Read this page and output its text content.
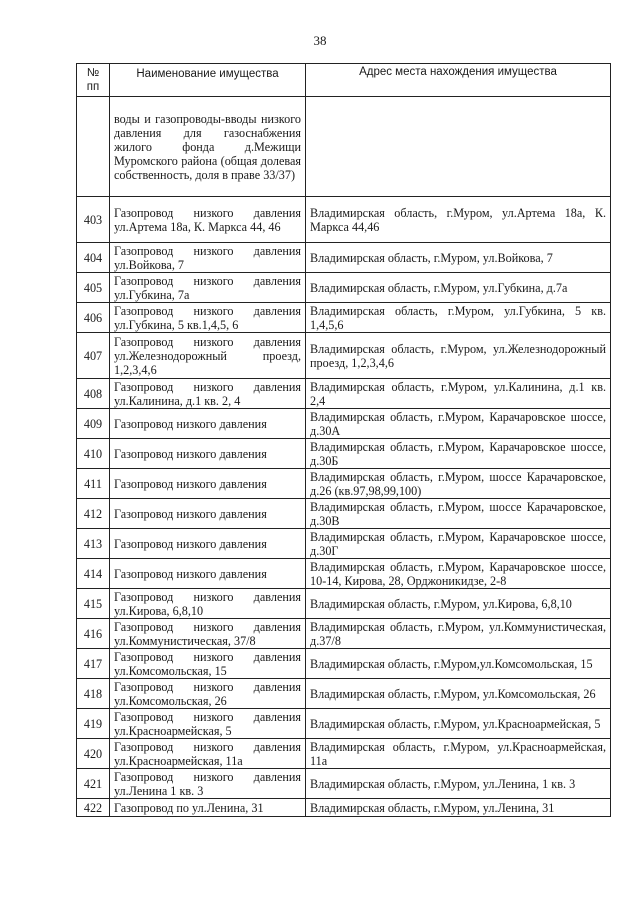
38
№ пп	Наименование имущества	Адрес места нахождения имущества
	воды и газопроводы-вводы низкого давления для газоснабжения жилого фонда д.Межищи Муромского района (общая долевая собственность, доля в праве 33/37)	
403	Газопровод низкого давления ул.Артема 18а, К. Маркса 44, 46	Владимирская область, г.Муром, ул.Артема 18а, К. Маркса 44,46
404	Газопровод низкого давления ул.Войкова, 7	Владимирская область, г.Муром, ул.Войкова, 7
405	Газопровод низкого давления ул.Губкина, 7а	Владимирская область, г.Муром, ул.Губкина, д.7а
406	Газопровод низкого давления ул.Губкина, 5 кв.1,4,5, 6	Владимирская область, г.Муром, ул.Губкина, 5 кв. 1,4,5,6
407	Газопровод низкого давления ул.Железнодорожный проезд, 1,2,3,4,6	Владимирская область, г.Муром, ул.Железнодорожный проезд, 1,2,3,4,6
408	Газопровод низкого давления ул.Калинина, д.1 кв. 2, 4	Владимирская область, г.Муром, ул.Калинина, д.1 кв. 2,4
409	Газопровод низкого давления	Владимирская область, г.Муром, Карачаровское шоссе, д.30А
410	Газопровод низкого давления	Владимирская область, г.Муром, Карачаровское шоссе, д.30Б
411	Газопровод низкого давления	Владимирская область, г.Муром, шоссе Карачаровское, д.26 (кв.97,98,99,100)
412	Газопровод низкого давления	Владимирская область, г.Муром, шоссе Карачаровское, д.30В
413	Газопровод низкого давления	Владимирская область, г.Муром, Карачаровское шоссе, д.30Г
414	Газопровод низкого давления	Владимирская область, г.Муром, Карачаровское шоссе, 10-14, Кирова, 28, Орджоникидзе, 2-8
415	Газопровод низкого давления ул.Кирова, 6,8,10	Владимирская область, г.Муром, ул.Кирова, 6,8,10
416	Газопровод низкого давления ул.Коммунистическая, 37/8	Владимирская область, г.Муром, ул.Коммунистическая, д.37/8
417	Газопровод низкого давления ул.Комсомольская, 15	Владимирская область, г.Муром,ул.Комсомольская, 15
418	Газопровод низкого давления ул.Комсомольская, 26	Владимирская область, г.Муром, ул.Комсомольская, 26
419	Газопровод низкого давления ул.Красноармейская, 5	Владимирская область, г.Муром, ул.Красноармейская, 5
420	Газопровод низкого давления ул.Красноармейская, 11а	Владимирская область, г.Муром, ул.Красноармейская, 11а
421	Газопровод низкого давления ул.Ленина 1 кв. 3	Владимирская область, г.Муром, ул.Ленина, 1 кв. 3
422	Газопровод по ул.Ленина, 31	Владимирская область, г.Муром, ул.Ленина, 31
